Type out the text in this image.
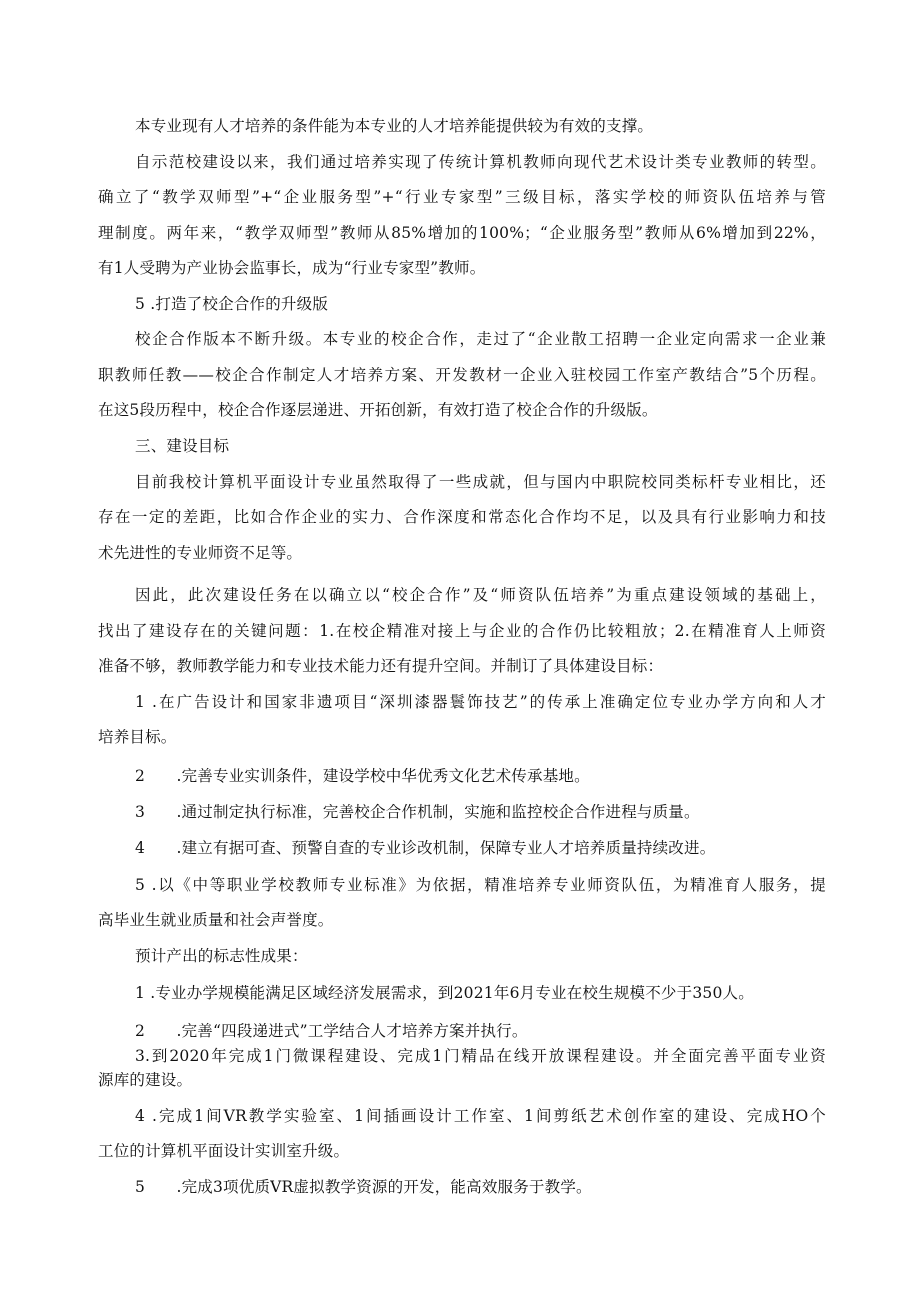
本专业现有人才培养的条件能为本专业的人才培养能提供较为有效的支撑。
自示范校建设以来，我们通过培养实现了传统计算机教师向现代艺术设计类专业教师的转型。
确立了“教学双师型”+“企业服务型”+“行业专家型”三级目标，落实学校的师资队伍培养与管
理制度。两年来，“教学双师型”教师从85%增加的100%；“企业服务型”教师从6%增加到22%，
有1人受聘为产业协会监事长，成为“行业专家型”教师。
5 .打造了校企合作的升级版
校企合作版本不断升级。本专业的校企合作，走过了“企业散工招聘一企业定向需求一企业兼
职教师任教——校企合作制定人才培养方案、开发教材一企业入驻校园工作室产教结合”5个历程。
在这5段历程中，校企合作逐层递进、开拓创新，有效打造了校企合作的升级版。
三、建设目标
目前我校计算机平面设计专业虽然取得了一些成就，但与国内中职院校同类标杆专业相比，还
存在一定的差距，比如合作企业的实力、合作深度和常态化合作均不足，以及具有行业影响力和技
术先进性的专业师资不足等。
因此，此次建设任务在以确立以“校企合作”及“师资队伍培养”为重点建设领域的基础上，
找出了建设存在的关键问题：1.在校企精准对接上与企业的合作仍比较粗放；2.在精准育人上师资
准备不够，教师教学能力和专业技术能力还有提升空间。并制订了具体建设目标：
1 .在广告设计和国家非遗项目“深圳漆器鬟饰技艺”的传承上准确定位专业办学方向和人才
培养目标。
2  .完善专业实训条件，建设学校中华优秀文化艺术传承基地。
3  .通过制定执行标准，完善校企合作机制，实施和监控校企合作进程与质量。
4  .建立有据可查、预警自查的专业诊改机制，保障专业人才培养质量持续改进。
5 .以《中等职业学校教师专业标准》为依据，精准培养专业师资队伍，为精准育人服务，提
高毕业生就业质量和社会声誉度。
预计产出的标志性成果：
1 .专业办学规模能满足区域经济发展需求，到2021年6月专业在校生规模不少于350人。
2  .完善“四段递进式”工学结合人才培养方案并执行。
3.到2020年完成1门微课程建设、完成1门精品在线开放课程建设。并全面完善平面专业资
源库的建设。
4 .完成1间VR教学实验室、1间插画设计工作室、1间剪纸艺术创作室的建设、完成HO个
工位的计算机平面设计实训室升级。
5  .完成3项优质VR虚拟教学资源的开发，能高效服务于教学。
